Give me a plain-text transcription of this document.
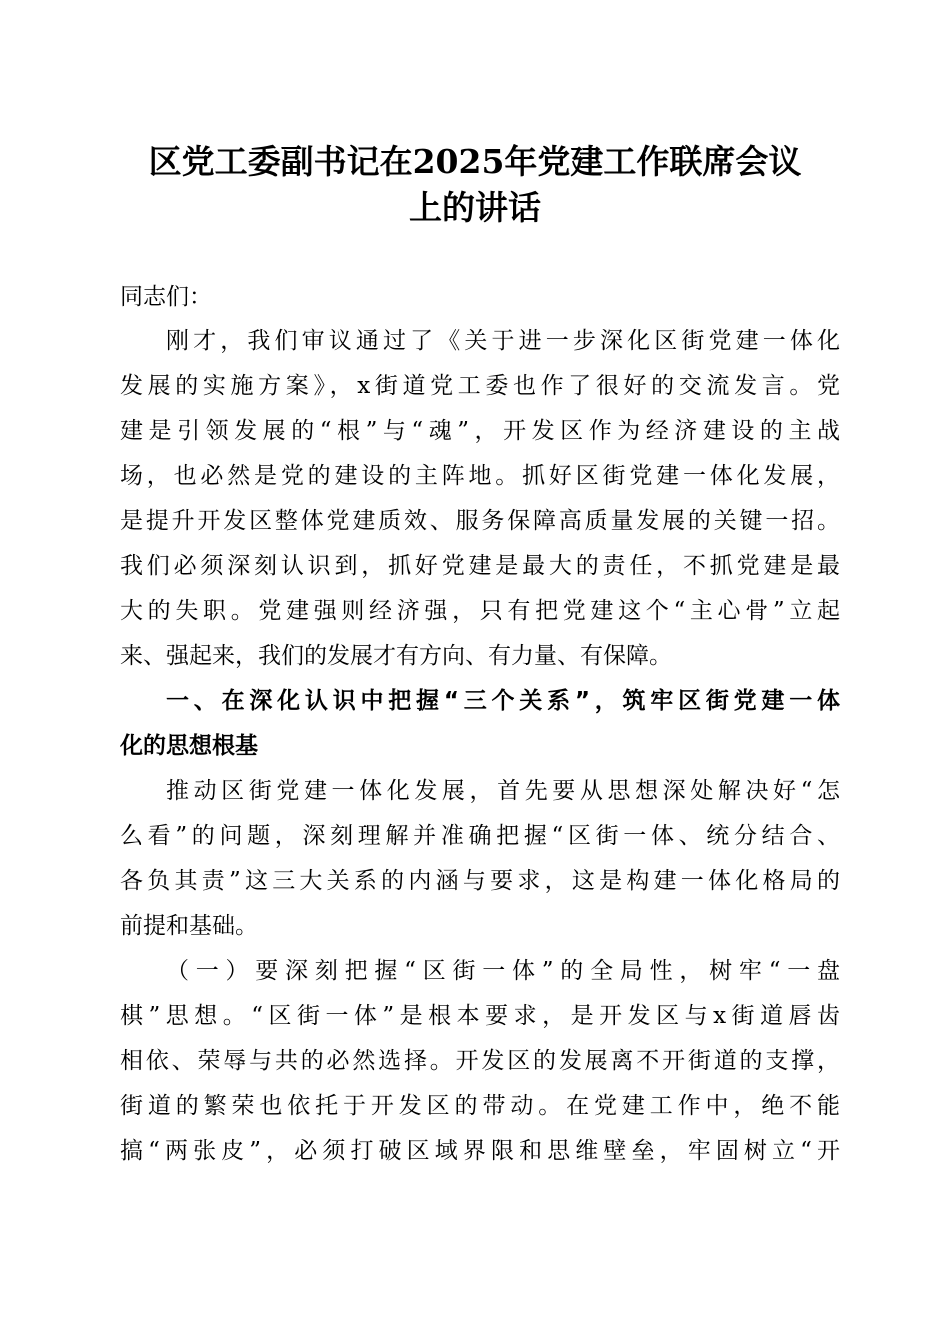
区党工委副书记在2025年党建工作联席会议
上的讲话

同志们：

刚才，我们审议通过了《关于进一步深化区街党建一体化

发展的实施方案》，x街道党工委也作了很好的交流发言。党

建是引领发展的“根”与“魂”，开发区作为经济建设的主战

场，也必然是党的建设的主阵地。抓好区街党建一体化发展，

是提升开发区整体党建质效、服务保障高质量发展的关键一招。

我们必须深刻认识到，抓好党建是最大的责任，不抓党建是最

大的失职。党建强则经济强，只有把党建这个“主心骨”立起

来、强起来，我们的发展才有方向、有力量、有保障。

一、在深化认识中把握“三个关系”，筑牢区街党建一体

化的思想根基

推动区街党建一体化发展，首先要从思想深处解决好“怎

么看”的问题，深刻理解并准确把握“区街一体、统分结合、

各负其责”这三大关系的内涵与要求，这是构建一体化格局的

前提和基础。

（一）要深刻把握“区街一体”的全局性，树牢“一盘

棋”思想。“区街一体”是根本要求，是开发区与x街道唇齿

相依、荣辱与共的必然选择。开发区的发展离不开街道的支撑，

街道的繁荣也依托于开发区的带动。在党建工作中，绝不能

搞“两张皮”，必须打破区域界限和思维壁垒，牢固树立“开
